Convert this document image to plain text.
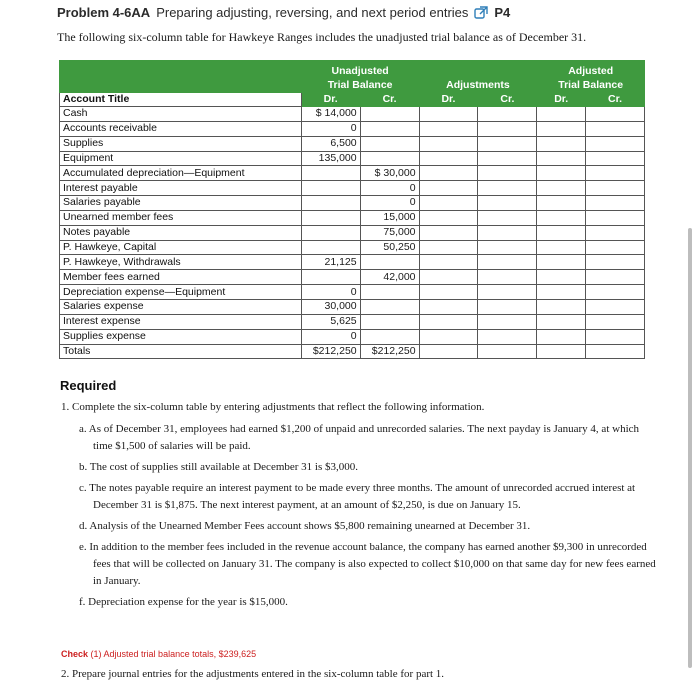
Problem 4-6AA Preparing adjusting, reversing, and next period entries P4
The following six-column table for Hawkeye Ranges includes the unadjusted trial balance as of December 31.
	Unadjusted				Adjusted	
	Trial Balance		Adjustments		Trial Balance	
Account Title	Dr.	Cr.	Dr.	Cr.	Dr.	Cr.
Cash	$ 14,000					
Accounts receivable	0					
Supplies	6,500					
Equipment	135,000					
Accumulated depreciation—Equipment		$ 30,000				
Interest payable		0				
Salaries payable		0				
Unearned member fees		15,000				
Notes payable		75,000				
P. Hawkeye, Capital		50,250				
P. Hawkeye, Withdrawals	21,125					
Member fees earned		42,000				
Depreciation expense—Equipment	0					
Salaries expense	30,000					
Interest expense	5,625					
Supplies expense	0					
Totals	$212,250	$212,250				
Required
1. Complete the six-column table by entering adjustments that reflect the following information.
a. As of December 31, employees had earned $1,200 of unpaid and unrecorded salaries. The next payday is January 4, at which time $1,500 of salaries will be paid.
b. The cost of supplies still available at December 31 is $3,000.
c. The notes payable require an interest payment to be made every three months. The amount of unrecorded accrued interest at December 31 is $1,875. The next interest payment, at an amount of $2,250, is due on January 15.
d. Analysis of the Unearned Member Fees account shows $5,800 remaining unearned at December 31.
e. In addition to the member fees included in the revenue account balance, the company has earned another $9,300 in unrecorded fees that will be collected on January 31. The company is also expected to collect $10,000 on that same day for new fees earned in January.
f. Depreciation expense for the year is $15,000.
Check (1) Adjusted trial balance totals, $239,625
2. Prepare journal entries for the adjustments entered in the six-column table for part 1.
